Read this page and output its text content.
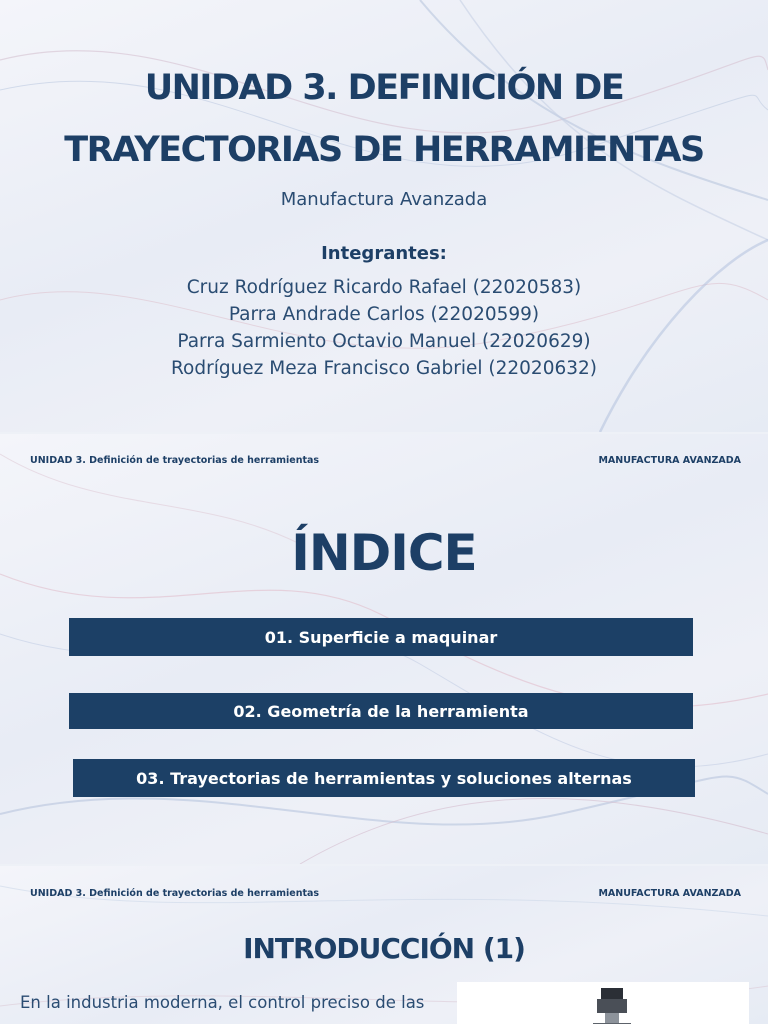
UNIDAD 3. DEFINICIÓN DE
TRAYECTORIAS DE HERRAMIENTAS
Manufactura Avanzada
Integrantes:
Cruz Rodríguez Ricardo Rafael (22020583)
Parra Andrade Carlos (22020599)
Parra Sarmiento Octavio Manuel (22020629)
Rodríguez Meza Francisco Gabriel (22020632)
UNIDAD 3. Definición de trayectorias de herramientas	MANUFACTURA AVANZADA
ÍNDICE
01. Superficie a maquinar
02. Geometría de la herramienta
03. Trayectorias de herramientas y soluciones alternas
UNIDAD 3. Definición de trayectorias de herramientas	MANUFACTURA AVANZADA
INTRODUCCIÓN (1)

En la industria moderna, el control preciso de las
